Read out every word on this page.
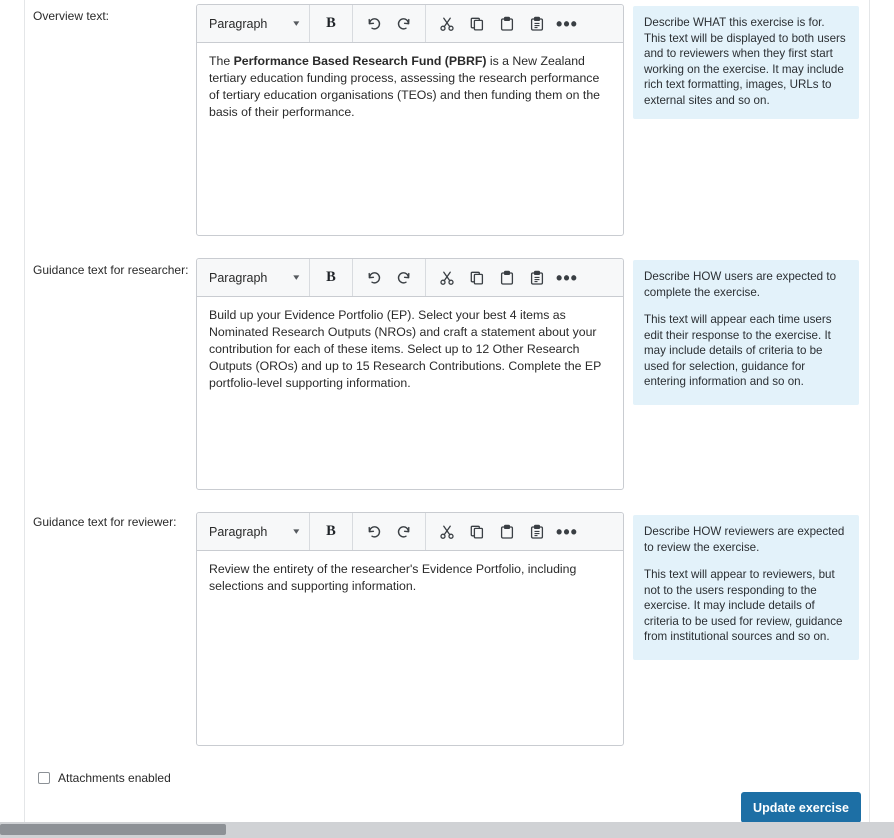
Overview text:
Paragraph	▾	B	•••

The Performance Based Research Fund (PBRF) is a New Zealand tertiary education funding process, assessing the research performance of tertiary education organisations (TEOs) and then funding them on the basis of their performance.

Describe WHAT this exercise is for. This text will be displayed to both users and to reviewers when they first start working on the exercise. It may include rich text formatting, images, URLs to external sites and so on.

Guidance text for researcher:
Paragraph	▾	B	•••

Build up your Evidence Portfolio (EP). Select your best 4 items as Nominated Research Outputs (NROs) and craft a statement about your contribution for each of these items. Select up to 12 Other Research Outputs (OROs) and up to 15 Research Contributions. Complete the EP portfolio-level supporting information.

Describe HOW users are expected to complete the exercise.

This text will appear each time users edit their response to the exercise. It may include details of criteria to be used for selection, guidance for entering information and so on.

Guidance text for reviewer:
Paragraph	▾	B	•••

Review the entirety of the researcher's Evidence Portfolio, including selections and supporting information.

Describe HOW reviewers are expected to review the exercise.

This text will appear to reviewers, but not to the users responding to the exercise. It may include details of criteria to be used for review, guidance from institutional sources and so on.

Attachments enabled
Update exercise
